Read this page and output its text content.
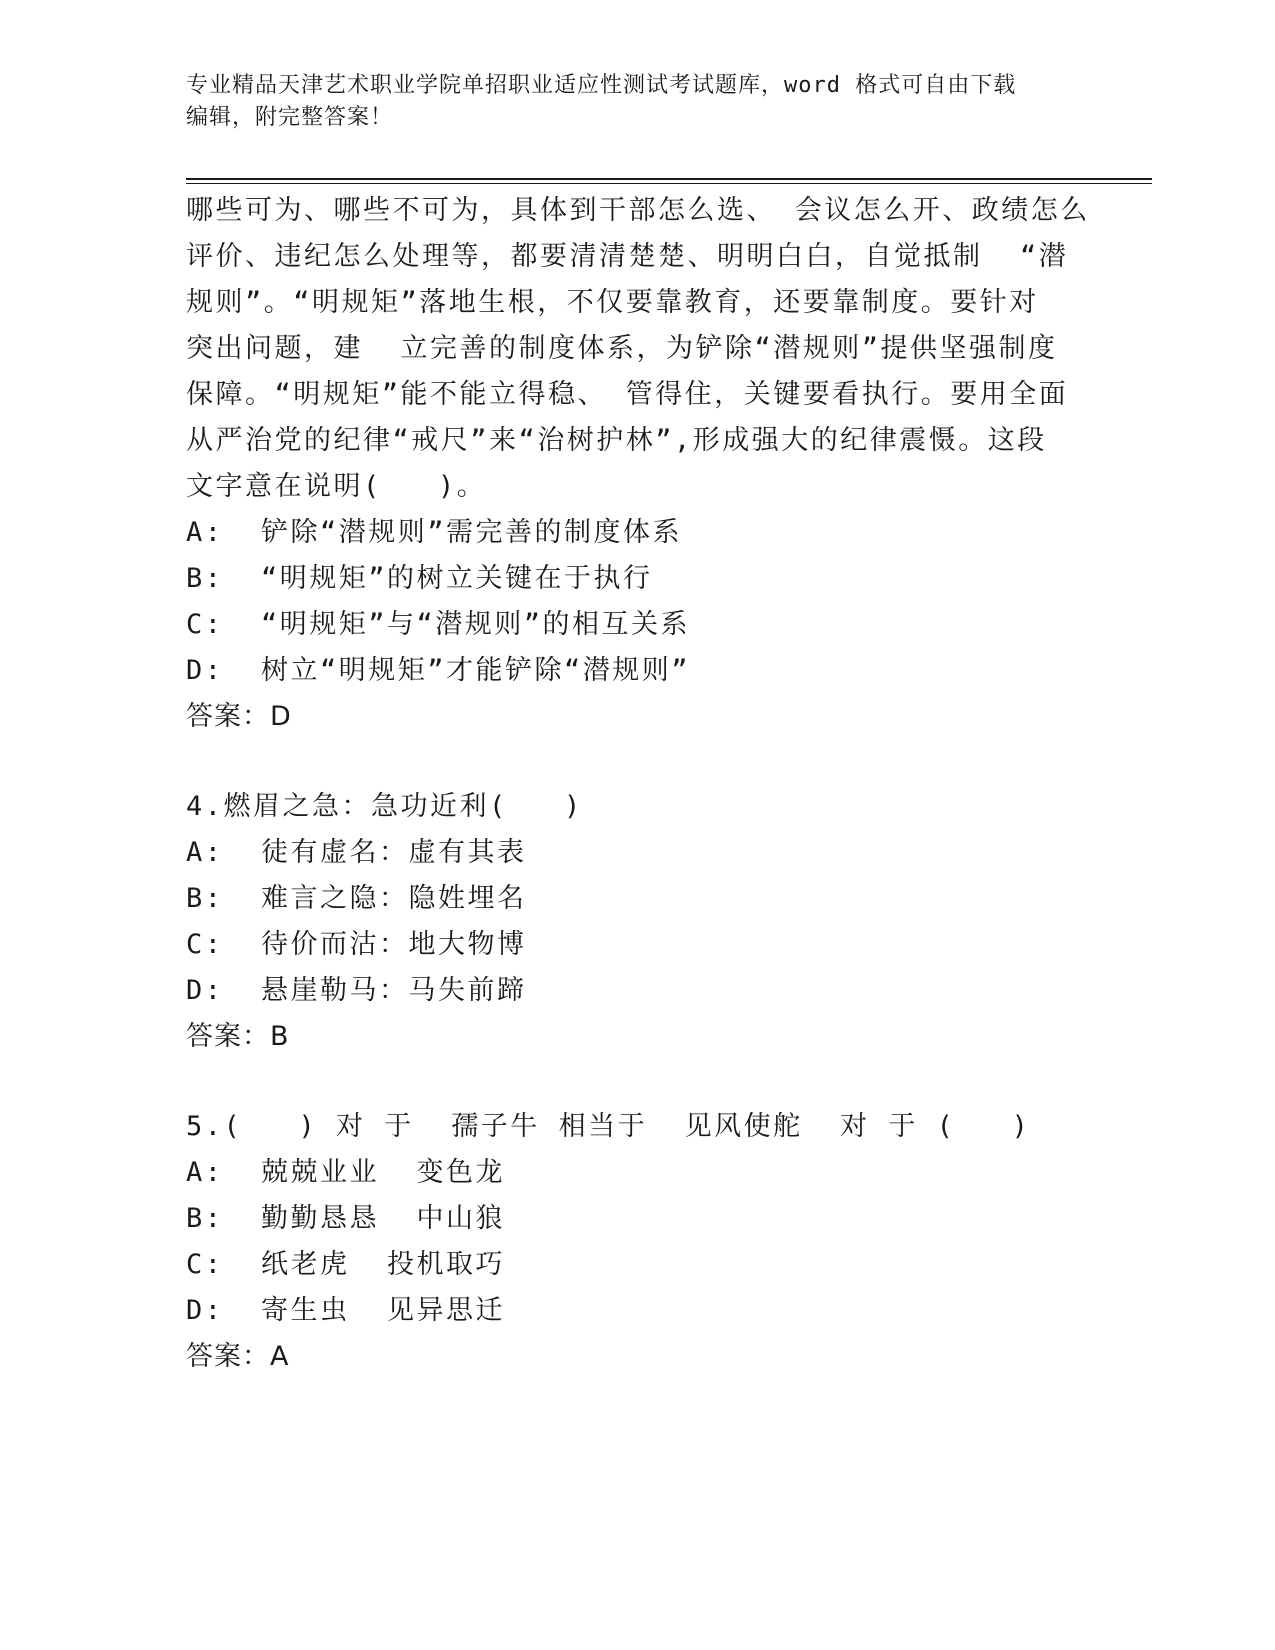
专业精品天津艺术职业学院单招职业适应性测试考试题库，word 格式可自由下载
编辑，附完整答案！
哪些可为、哪些不可为，具体到干部怎么选、 会议怎么开、政绩怎么
评价、违纪怎么处理等，都要清清楚楚、明明白白，自觉抵制  “潜
规则”。“明规矩”落地生根，不仅要靠教育，还要靠制度。要针对
突出问题，建  立完善的制度体系，为铲除“潜规则”提供坚强制度
保障。“明规矩”能不能立得稳、 管得住，关键要看执行。要用全面
从严治党的纪律“戒尺”来“治树护林”,形成强大的纪律震慑。这段
文字意在说明(   )。
A:  铲除“潜规则”需完善的制度体系
B:  “明规矩”的树立关键在于执行
C:  “明规矩”与“潜规则”的相互关系
D:  树立“明规矩”才能铲除“潜规则”
答案：D
4.燃眉之急：急功近利(   )
A:  徒有虚名：虚有其表
B:  难言之隐：隐姓埋名
C:  待价而沽：地大物博
D:  悬崖勒马：马失前蹄
答案：B
5.(   ) 对 于  孺子牛 相当于  见风使舵  对 于 (   )
A:  兢兢业业  变色龙
B:  勤勤恳恳  中山狼
C:  纸老虎  投机取巧
D:  寄生虫  见异思迁
答案：A
